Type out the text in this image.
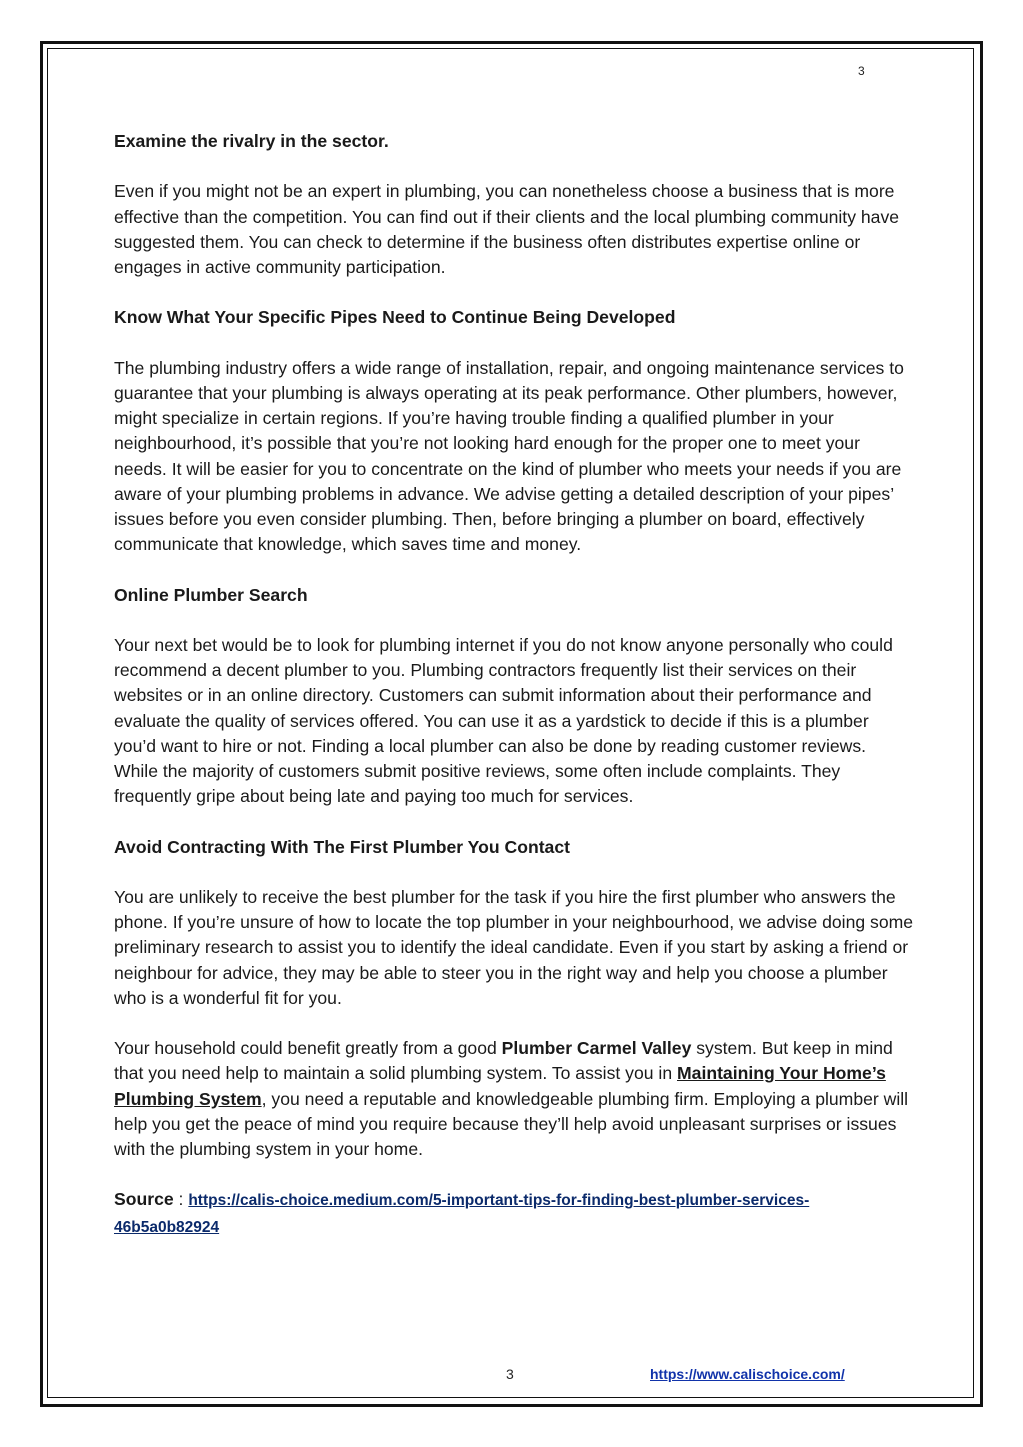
3
Examine the rivalry in the sector.

Even if you might not be an expert in plumbing, you can nonetheless choose a business that is more effective than the competition. You can find out if their clients and the local plumbing community have suggested them. You can check to determine if the business often distributes expertise online or engages in active community participation.

Know What Your Specific Pipes Need to Continue Being Developed

The plumbing industry offers a wide range of installation, repair, and ongoing maintenance services to guarantee that your plumbing is always operating at its peak performance. Other plumbers, however, might specialize in certain regions. If you’re having trouble finding a qualified plumber in your neighbourhood, it’s possible that you’re not looking hard enough for the proper one to meet your needs. It will be easier for you to concentrate on the kind of plumber who meets your needs if you are aware of your plumbing problems in advance. We advise getting a detailed description of your pipes’ issues before you even consider plumbing. Then, before bringing a plumber on board, effectively communicate that knowledge, which saves time and money.

Online Plumber Search

Your next bet would be to look for plumbing internet if you do not know anyone personally who could recommend a decent plumber to you. Plumbing contractors frequently list their services on their websites or in an online directory. Customers can submit information about their performance and evaluate the quality of services offered. You can use it as a yardstick to decide if this is a plumber you’d want to hire or not. Finding a local plumber can also be done by reading customer reviews. While the majority of customers submit positive reviews, some often include complaints. They frequently gripe about being late and paying too much for services.

Avoid Contracting With The First Plumber You Contact

You are unlikely to receive the best plumber for the task if you hire the first plumber who answers the phone. If you’re unsure of how to locate the top plumber in your neighbourhood, we advise doing some preliminary research to assist you to identify the ideal candidate. Even if you start by asking a friend or neighbour for advice, they may be able to steer you in the right way and help you choose a plumber who is a wonderful fit for you.

Your household could benefit greatly from a good Plumber Carmel Valley system. But keep in mind that you need help to maintain a solid plumbing system. To assist you in Maintaining Your Home’s Plumbing System, you need a reputable and knowledgeable plumbing firm. Employing a plumber will help you get the peace of mind you require because they’ll help avoid unpleasant surprises or issues with the plumbing system in your home.

Source : https://calis-choice.medium.com/5-important-tips-for-finding-best-plumber-services-46b5a0b82924

3	https://www.calischoice.com/
